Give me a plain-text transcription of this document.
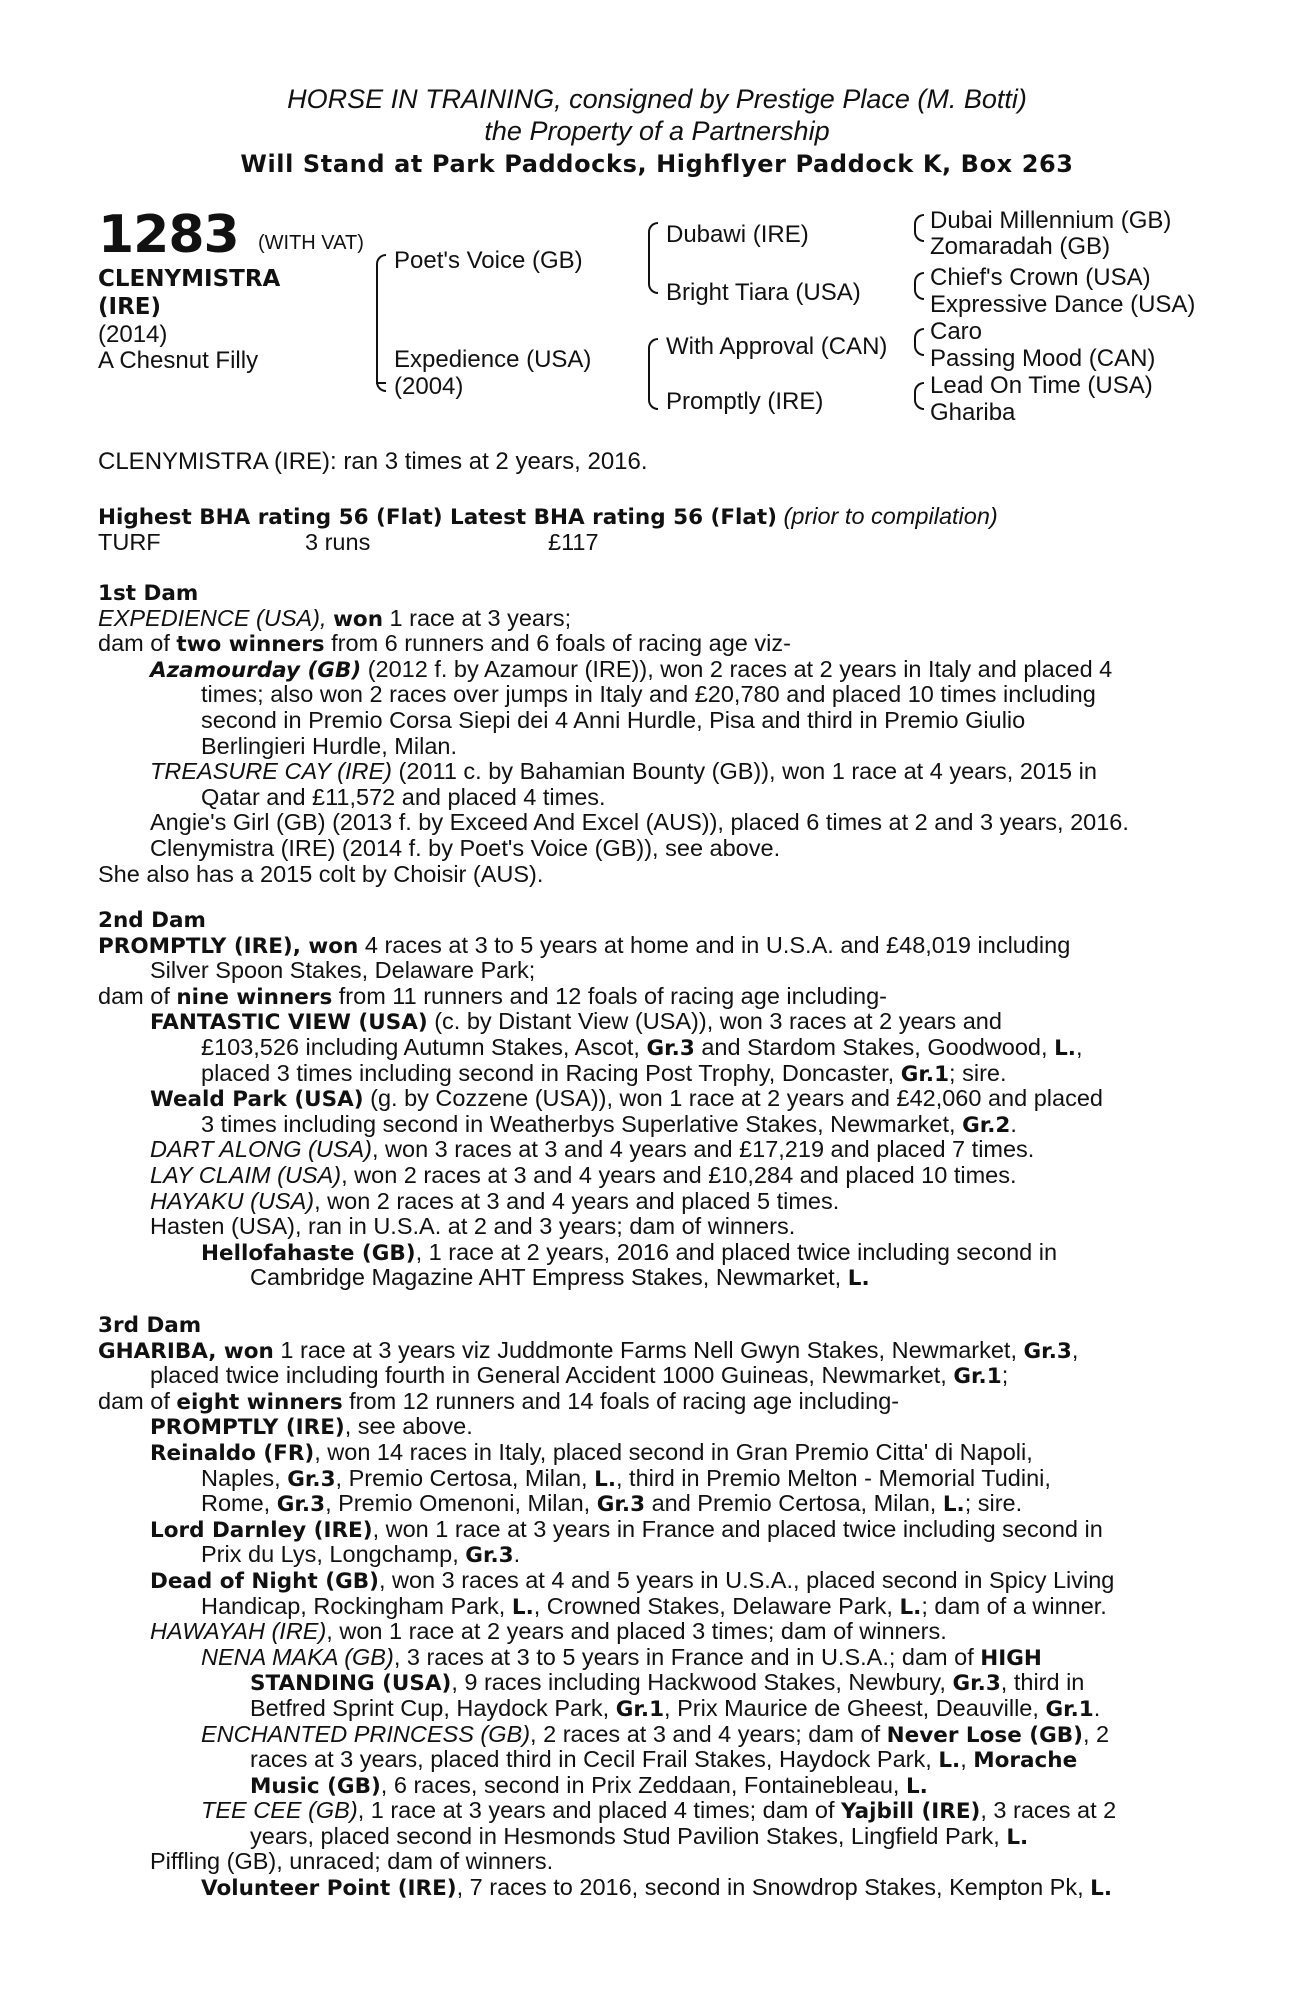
HORSE IN TRAINING, consigned by Prestige Place (M. Botti)
the Property of a Partnership
Will Stand at Park Paddocks, Highflyer Paddock K, Box 263
1283 (WITH VAT)
CLENYMISTRA
(IRE)
(2014)
A Chesnut Filly
Poet's Voice (GB)
Expedience (USA)
(2004)
Dubawi (IRE)
Bright Tiara (USA)
With Approval (CAN)
Promptly (IRE)
Dubai Millennium (GB)
Zomaradah (GB)
Chief's Crown (USA)
Expressive Dance (USA)
Caro
Passing Mood (CAN)
Lead On Time (USA)
Ghariba
CLENYMISTRA (IRE): ran 3 times at 2 years, 2016.
Highest BHA rating 56 (Flat) Latest BHA rating 56 (Flat) (prior to compilation)
TURF	3 runs	£117
1st Dam
EXPEDIENCE (USA), won 1 race at 3 years;
dam of two winners from 6 runners and 6 foals of racing age viz-
Azamourday (GB) (2012 f. by Azamour (IRE)), won 2 races at 2 years in Italy and placed 4
times; also won 2 races over jumps in Italy and £20,780 and placed 10 times including
second in Premio Corsa Siepi dei 4 Anni Hurdle, Pisa and third in Premio Giulio
Berlingieri Hurdle, Milan.
TREASURE CAY (IRE) (2011 c. by Bahamian Bounty (GB)), won 1 race at 4 years, 2015 in
Qatar and £11,572 and placed 4 times.
Angie's Girl (GB) (2013 f. by Exceed And Excel (AUS)), placed 6 times at 2 and 3 years, 2016.
Clenymistra (IRE) (2014 f. by Poet's Voice (GB)), see above.
She also has a 2015 colt by Choisir (AUS).
2nd Dam
PROMPTLY (IRE), won 4 races at 3 to 5 years at home and in U.S.A. and £48,019 including
Silver Spoon Stakes, Delaware Park;
dam of nine winners from 11 runners and 12 foals of racing age including-
FANTASTIC VIEW (USA) (c. by Distant View (USA)), won 3 races at 2 years and
£103,526 including Autumn Stakes, Ascot, Gr.3 and Stardom Stakes, Goodwood, L.,
placed 3 times including second in Racing Post Trophy, Doncaster, Gr.1; sire.
Weald Park (USA) (g. by Cozzene (USA)), won 1 race at 2 years and £42,060 and placed
3 times including second in Weatherbys Superlative Stakes, Newmarket, Gr.2.
DART ALONG (USA), won 3 races at 3 and 4 years and £17,219 and placed 7 times.
LAY CLAIM (USA), won 2 races at 3 and 4 years and £10,284 and placed 10 times.
HAYAKU (USA), won 2 races at 3 and 4 years and placed 5 times.
Hasten (USA), ran in U.S.A. at 2 and 3 years; dam of winners.
Hellofahaste (GB), 1 race at 2 years, 2016 and placed twice including second in
Cambridge Magazine AHT Empress Stakes, Newmarket, L.
3rd Dam
GHARIBA, won 1 race at 3 years viz Juddmonte Farms Nell Gwyn Stakes, Newmarket, Gr.3,
placed twice including fourth in General Accident 1000 Guineas, Newmarket, Gr.1;
dam of eight winners from 12 runners and 14 foals of racing age including-
PROMPTLY (IRE), see above.
Reinaldo (FR), won 14 races in Italy, placed second in Gran Premio Citta' di Napoli,
Naples, Gr.3, Premio Certosa, Milan, L., third in Premio Melton - Memorial Tudini,
Rome, Gr.3, Premio Omenoni, Milan, Gr.3 and Premio Certosa, Milan, L.; sire.
Lord Darnley (IRE), won 1 race at 3 years in France and placed twice including second in
Prix du Lys, Longchamp, Gr.3.
Dead of Night (GB), won 3 races at 4 and 5 years in U.S.A., placed second in Spicy Living
Handicap, Rockingham Park, L., Crowned Stakes, Delaware Park, L.; dam of a winner.
HAWAYAH (IRE), won 1 race at 2 years and placed 3 times; dam of winners.
NENA MAKA (GB), 3 races at 3 to 5 years in France and in U.S.A.; dam of HIGH
STANDING (USA), 9 races including Hackwood Stakes, Newbury, Gr.3, third in
Betfred Sprint Cup, Haydock Park, Gr.1, Prix Maurice de Gheest, Deauville, Gr.1.
ENCHANTED PRINCESS (GB), 2 races at 3 and 4 years; dam of Never Lose (GB), 2
races at 3 years, placed third in Cecil Frail Stakes, Haydock Park, L., Morache
Music (GB), 6 races, second in Prix Zeddaan, Fontainebleau, L.
TEE CEE (GB), 1 race at 3 years and placed 4 times; dam of Yajbill (IRE), 3 races at 2
years, placed second in Hesmonds Stud Pavilion Stakes, Lingfield Park, L.
Piffling (GB), unraced; dam of winners.
Volunteer Point (IRE), 7 races to 2016, second in Snowdrop Stakes, Kempton Pk, L.
